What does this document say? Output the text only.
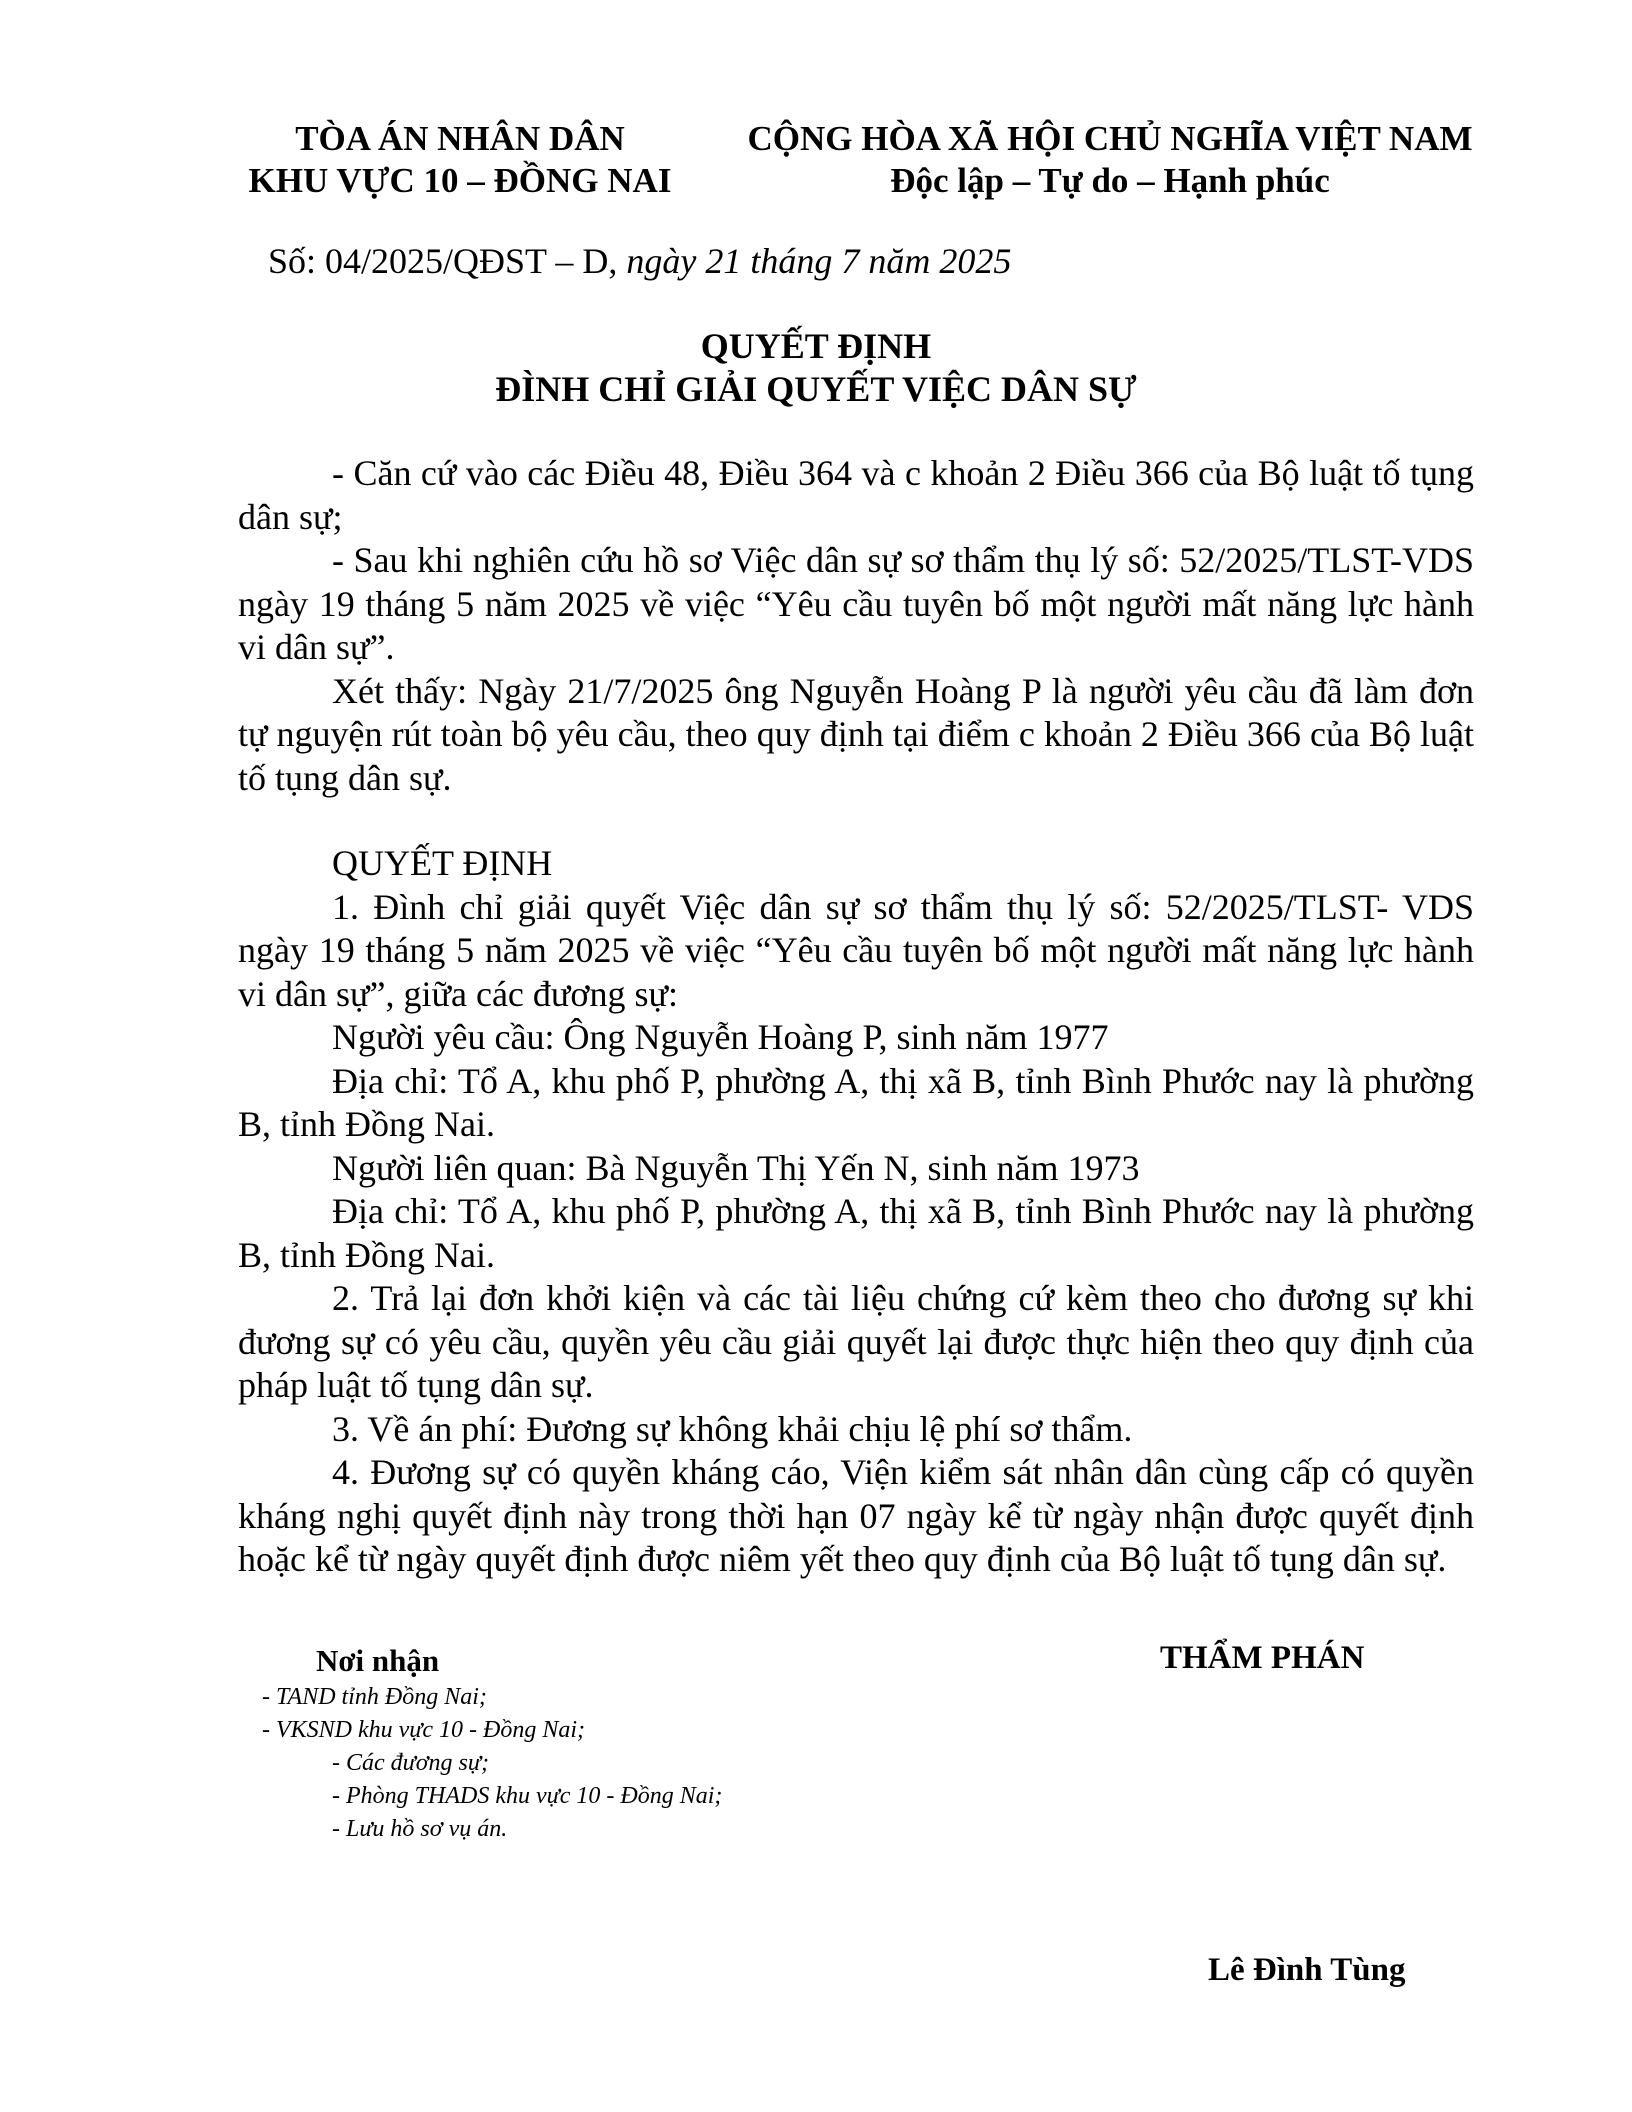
TÒA ÁN NHÂN DÂN
KHU VỰC 10 – ĐỒNG NAI
CỘNG HÒA XÃ HỘI CHỦ NGHĨA VIỆT NAM
Độc lập – Tự do – Hạnh phúc
Số: 04/2025/QĐST – D, ngày 21 tháng 7 năm 2025
QUYẾT ĐỊNH
ĐÌNH CHỈ GIẢI QUYẾT VIỆC DÂN SỰ

- Căn cứ vào các Điều 48, Điều 364 và c khoản 2 Điều 366 của Bộ luật tố tụng dân sự;

- Sau khi nghiên cứu hồ sơ Việc dân sự sơ thẩm thụ lý số: 52/2025/TLST-VDS ngày 19 tháng 5 năm 2025 về việc “Yêu cầu tuyên bố một người mất năng lực hành vi dân sự”.

Xét thấy: Ngày 21/7/2025 ông Nguyễn Hoàng P là người yêu cầu đã làm đơn tự nguyện rút toàn bộ yêu cầu, theo quy định tại điểm c khoản 2 Điều 366 của Bộ luật tố tụng dân sự.

QUYẾT ĐỊNH

1. Đình chỉ giải quyết Việc dân sự sơ thẩm thụ lý số: 52/2025/TLST- VDS ngày 19 tháng 5 năm 2025 về việc “Yêu cầu tuyên bố một người mất năng lực hành vi dân sự”, giữa các đương sự:

Người yêu cầu: Ông Nguyễn Hoàng P, sinh năm 1977

Địa chỉ: Tổ A, khu phố P, phường A, thị xã B, tỉnh Bình Phước nay là phường B, tỉnh Đồng Nai.

Người liên quan: Bà Nguyễn Thị Yến N, sinh năm 1973

Địa chỉ: Tổ A, khu phố P, phường A, thị xã B, tỉnh Bình Phước nay là phường B, tỉnh Đồng Nai.

2. Trả lại đơn khởi kiện và các tài liệu chứng cứ kèm theo cho đương sự khi đương sự có yêu cầu, quyền yêu cầu giải quyết lại được thực hiện theo quy định của pháp luật tố tụng dân sự.

3. Về án phí: Đương sự không khải chịu lệ phí sơ thẩm.

4. Đương sự có quyền kháng cáo, Viện kiểm sát nhân dân cùng cấp có quyền kháng nghị quyết định này trong thời hạn 07 ngày kể từ ngày nhận được quyết định hoặc kể từ ngày quyết định được niêm yết theo quy định của Bộ luật tố tụng dân sự.

Nơi nhận
- TAND tỉnh Đồng Nai;
- VKSND khu vực 10 - Đồng Nai;
- Các đương sự;
- Phòng THADS khu vực 10 - Đồng Nai;
- Lưu hồ sơ vụ án.
THẨM PHÁN
Lê Đình Tùng
